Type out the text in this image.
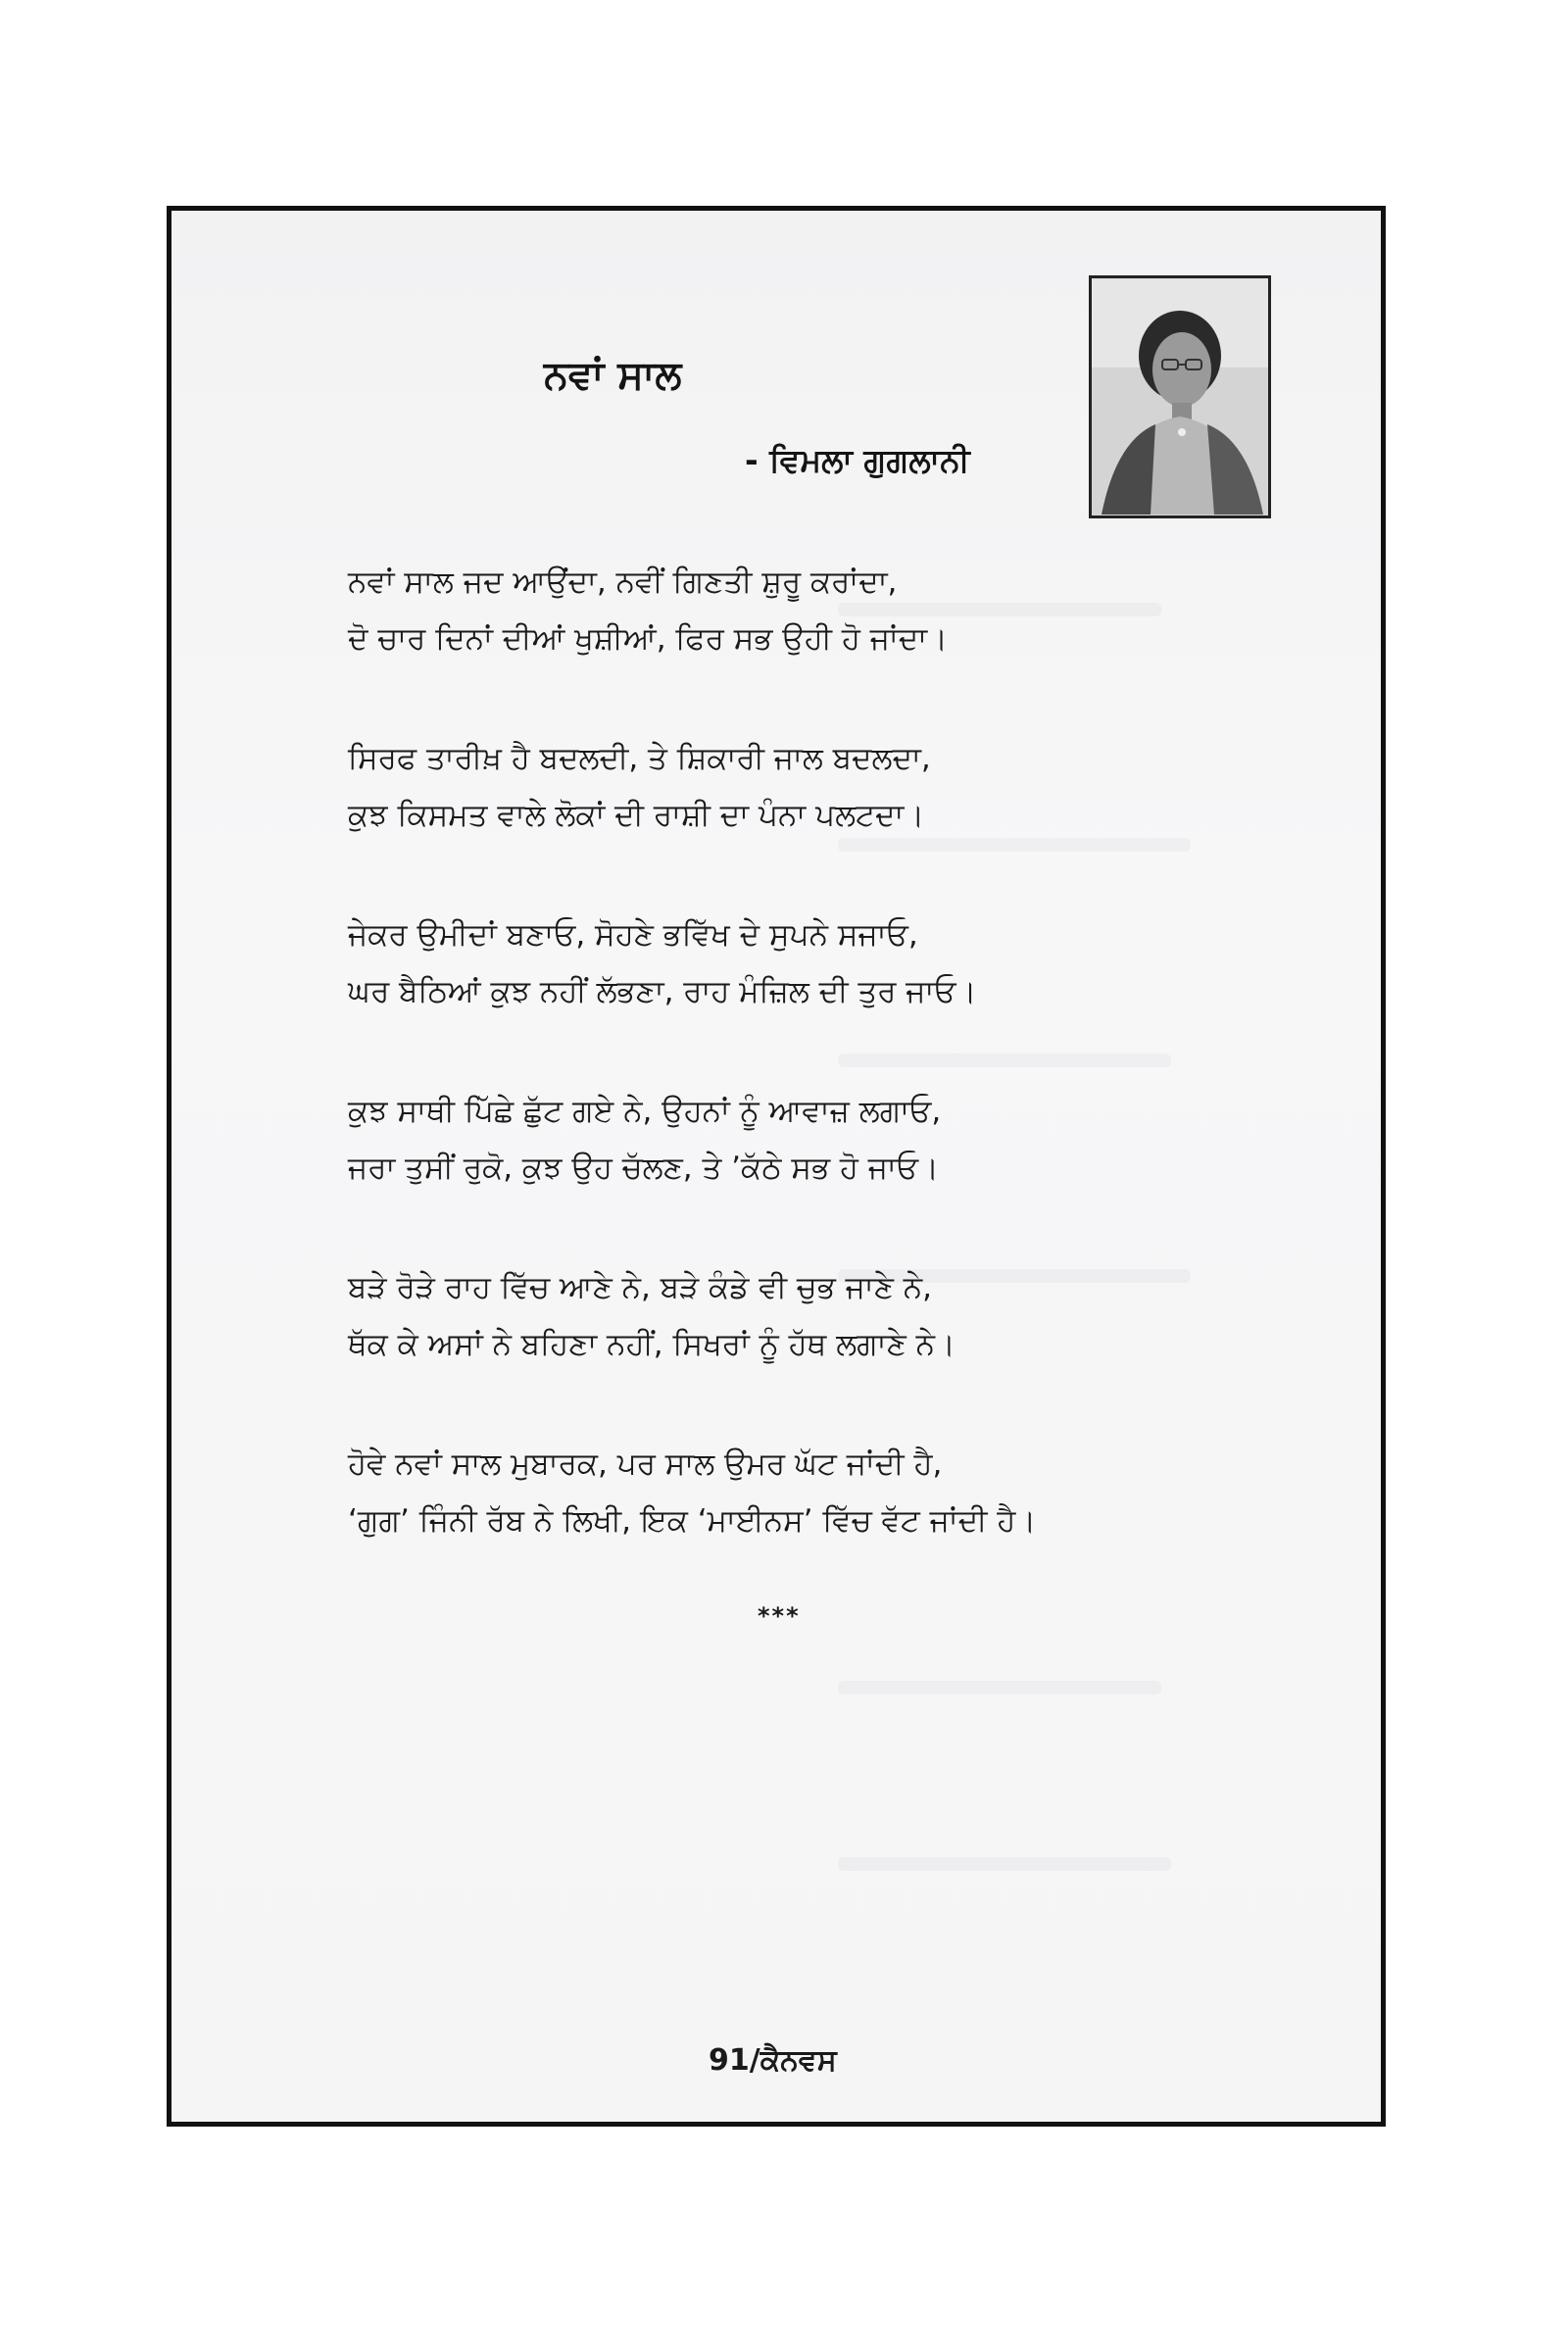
ਨਵਾਂ ਸਾਲ
- ਵਿਮਲਾ ਗੁਗਲਾਨੀ
ਨਵਾਂ ਸਾਲ ਜਦ ਆਉਂਦਾ, ਨਵੀਂ ਗਿਣਤੀ ਸ਼ੁਰੂ ਕਰਾਂਦਾ,
ਦੋ ਚਾਰ ਦਿਨਾਂ ਦੀਆਂ ਖੁਸ਼ੀਆਂ, ਫਿਰ ਸਭ ਉਹੀ ਹੋ ਜਾਂਦਾ।
ਸਿਰਫ ਤਾਰੀਖ਼ ਹੈ ਬਦਲਦੀ, ਤੇ ਸ਼ਿਕਾਰੀ ਜਾਲ ਬਦਲਦਾ,
ਕੁਝ ਕਿਸਮਤ ਵਾਲੇ ਲੋਕਾਂ ਦੀ ਰਾਸ਼ੀ ਦਾ ਪੰਨਾ ਪਲਟਦਾ।
ਜੇਕਰ ਉਮੀਦਾਂ ਬਣਾਓ, ਸੋਹਣੇ ਭਵਿੱਖ ਦੇ ਸੁਪਨੇ ਸਜਾਓ,
ਘਰ ਬੈਠਿਆਂ ਕੁਝ ਨਹੀਂ ਲੱਭਣਾ, ਰਾਹ ਮੰਜ਼ਿਲ ਦੀ ਤੁਰ ਜਾਓ।
ਕੁਝ ਸਾਥੀ ਪਿੱਛੇ ਛੁੱਟ ਗਏ ਨੇ, ਉਹਨਾਂ ਨੂੰ ਆਵਾਜ਼ ਲਗਾਓ,
ਜਰਾ ਤੁਸੀਂ ਰੁਕੋ, ਕੁਝ ਉਹ ਚੱਲਣ, ਤੇ ’ਕੱਠੇ ਸਭ ਹੋ ਜਾਓ।
ਬੜੇ ਰੋੜੇ ਰਾਹ ਵਿੱਚ ਆਣੇ ਨੇ, ਬੜੇ ਕੰਡੇ ਵੀ ਚੁਭ ਜਾਣੇ ਨੇ,
ਥੱਕ ਕੇ ਅਸਾਂ ਨੇ ਬਹਿਣਾ ਨਹੀਂ, ਸਿਖਰਾਂ ਨੂੰ ਹੱਥ ਲਗਾਣੇ ਨੇ।
ਹੋਵੇ ਨਵਾਂ ਸਾਲ ਮੁਬਾਰਕ, ਪਰ ਸਾਲ ਉਮਰ ਘੱਟ ਜਾਂਦੀ ਹੈ,
‘ਗੁਗ’ ਜਿੰਨੀ ਰੱਬ ਨੇ ਲਿਖੀ, ਇਕ ‘ਮਾਈਨਸ’ ਵਿੱਚ ਵੱਟ ਜਾਂਦੀ ਹੈ।
***
91/ਕੈਨਵਸ
